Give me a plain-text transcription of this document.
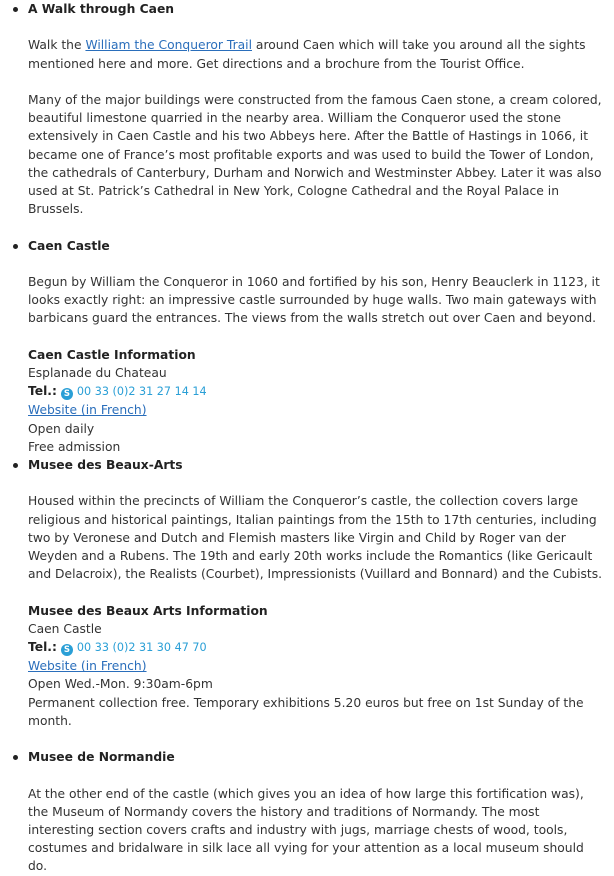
A Walk through Caen

Walk the William the Conqueror Trail around Caen which will take you around all the sights mentioned here and more. Get directions and a brochure from the Tourist Office.

Many of the major buildings were constructed from the famous Caen stone, a cream colored, beautiful limestone quarried in the nearby area. William the Conqueror used the stone extensively in Caen Castle and his two Abbeys here. After the Battle of Hastings in 1066, it became one of France’s most profitable exports and was used to build the Tower of London, the cathedrals of Canterbury, Durham and Norwich and Westminster Abbey. Later it was also used at St. Patrick’s Cathedral in New York, Cologne Cathedral and the Royal Palace in Brussels.

Caen Castle

Begun by William the Conqueror in 1060 and fortified by his son, Henry Beauclerk in 1123, it looks exactly right: an impressive castle surrounded by huge walls. Two main gateways with barbicans guard the entrances. The views from the walls stretch out over Caen and beyond.

Caen Castle Information
Esplanade du Chateau
Tel.: S 00 33 (0)2 31 27 14 14
Website (in French)
Open daily
Free admission
Musee des Beaux-Arts

Housed within the precincts of William the Conqueror’s castle, the collection covers large religious and historical paintings, Italian paintings from the 15th to 17th centuries, including two by Veronese and Dutch and Flemish masters like Virgin and Child by Roger van der Weyden and a Rubens. The 19th and early 20th works include the Romantics (like Gericault and Delacroix), the Realists (Courbet), Impressionists (Vuillard and Bonnard) and the Cubists.

Musee des Beaux Arts Information
Caen Castle
Tel.: S 00 33 (0)2 31 30 47 70
Website (in French)
Open Wed.-Mon. 9:30am-6pm
Permanent collection free. Temporary exhibitions 5.20 euros but free on 1st Sunday of the month.
Musee de Normandie

At the other end of the castle (which gives you an idea of how large this fortification was), the Museum of Normandy covers the history and traditions of Normandy. The most interesting section covers crafts and industry with jugs, marriage chests of wood, tools, costumes and bridalware in silk lace all vying for your attention as a local museum should do.
